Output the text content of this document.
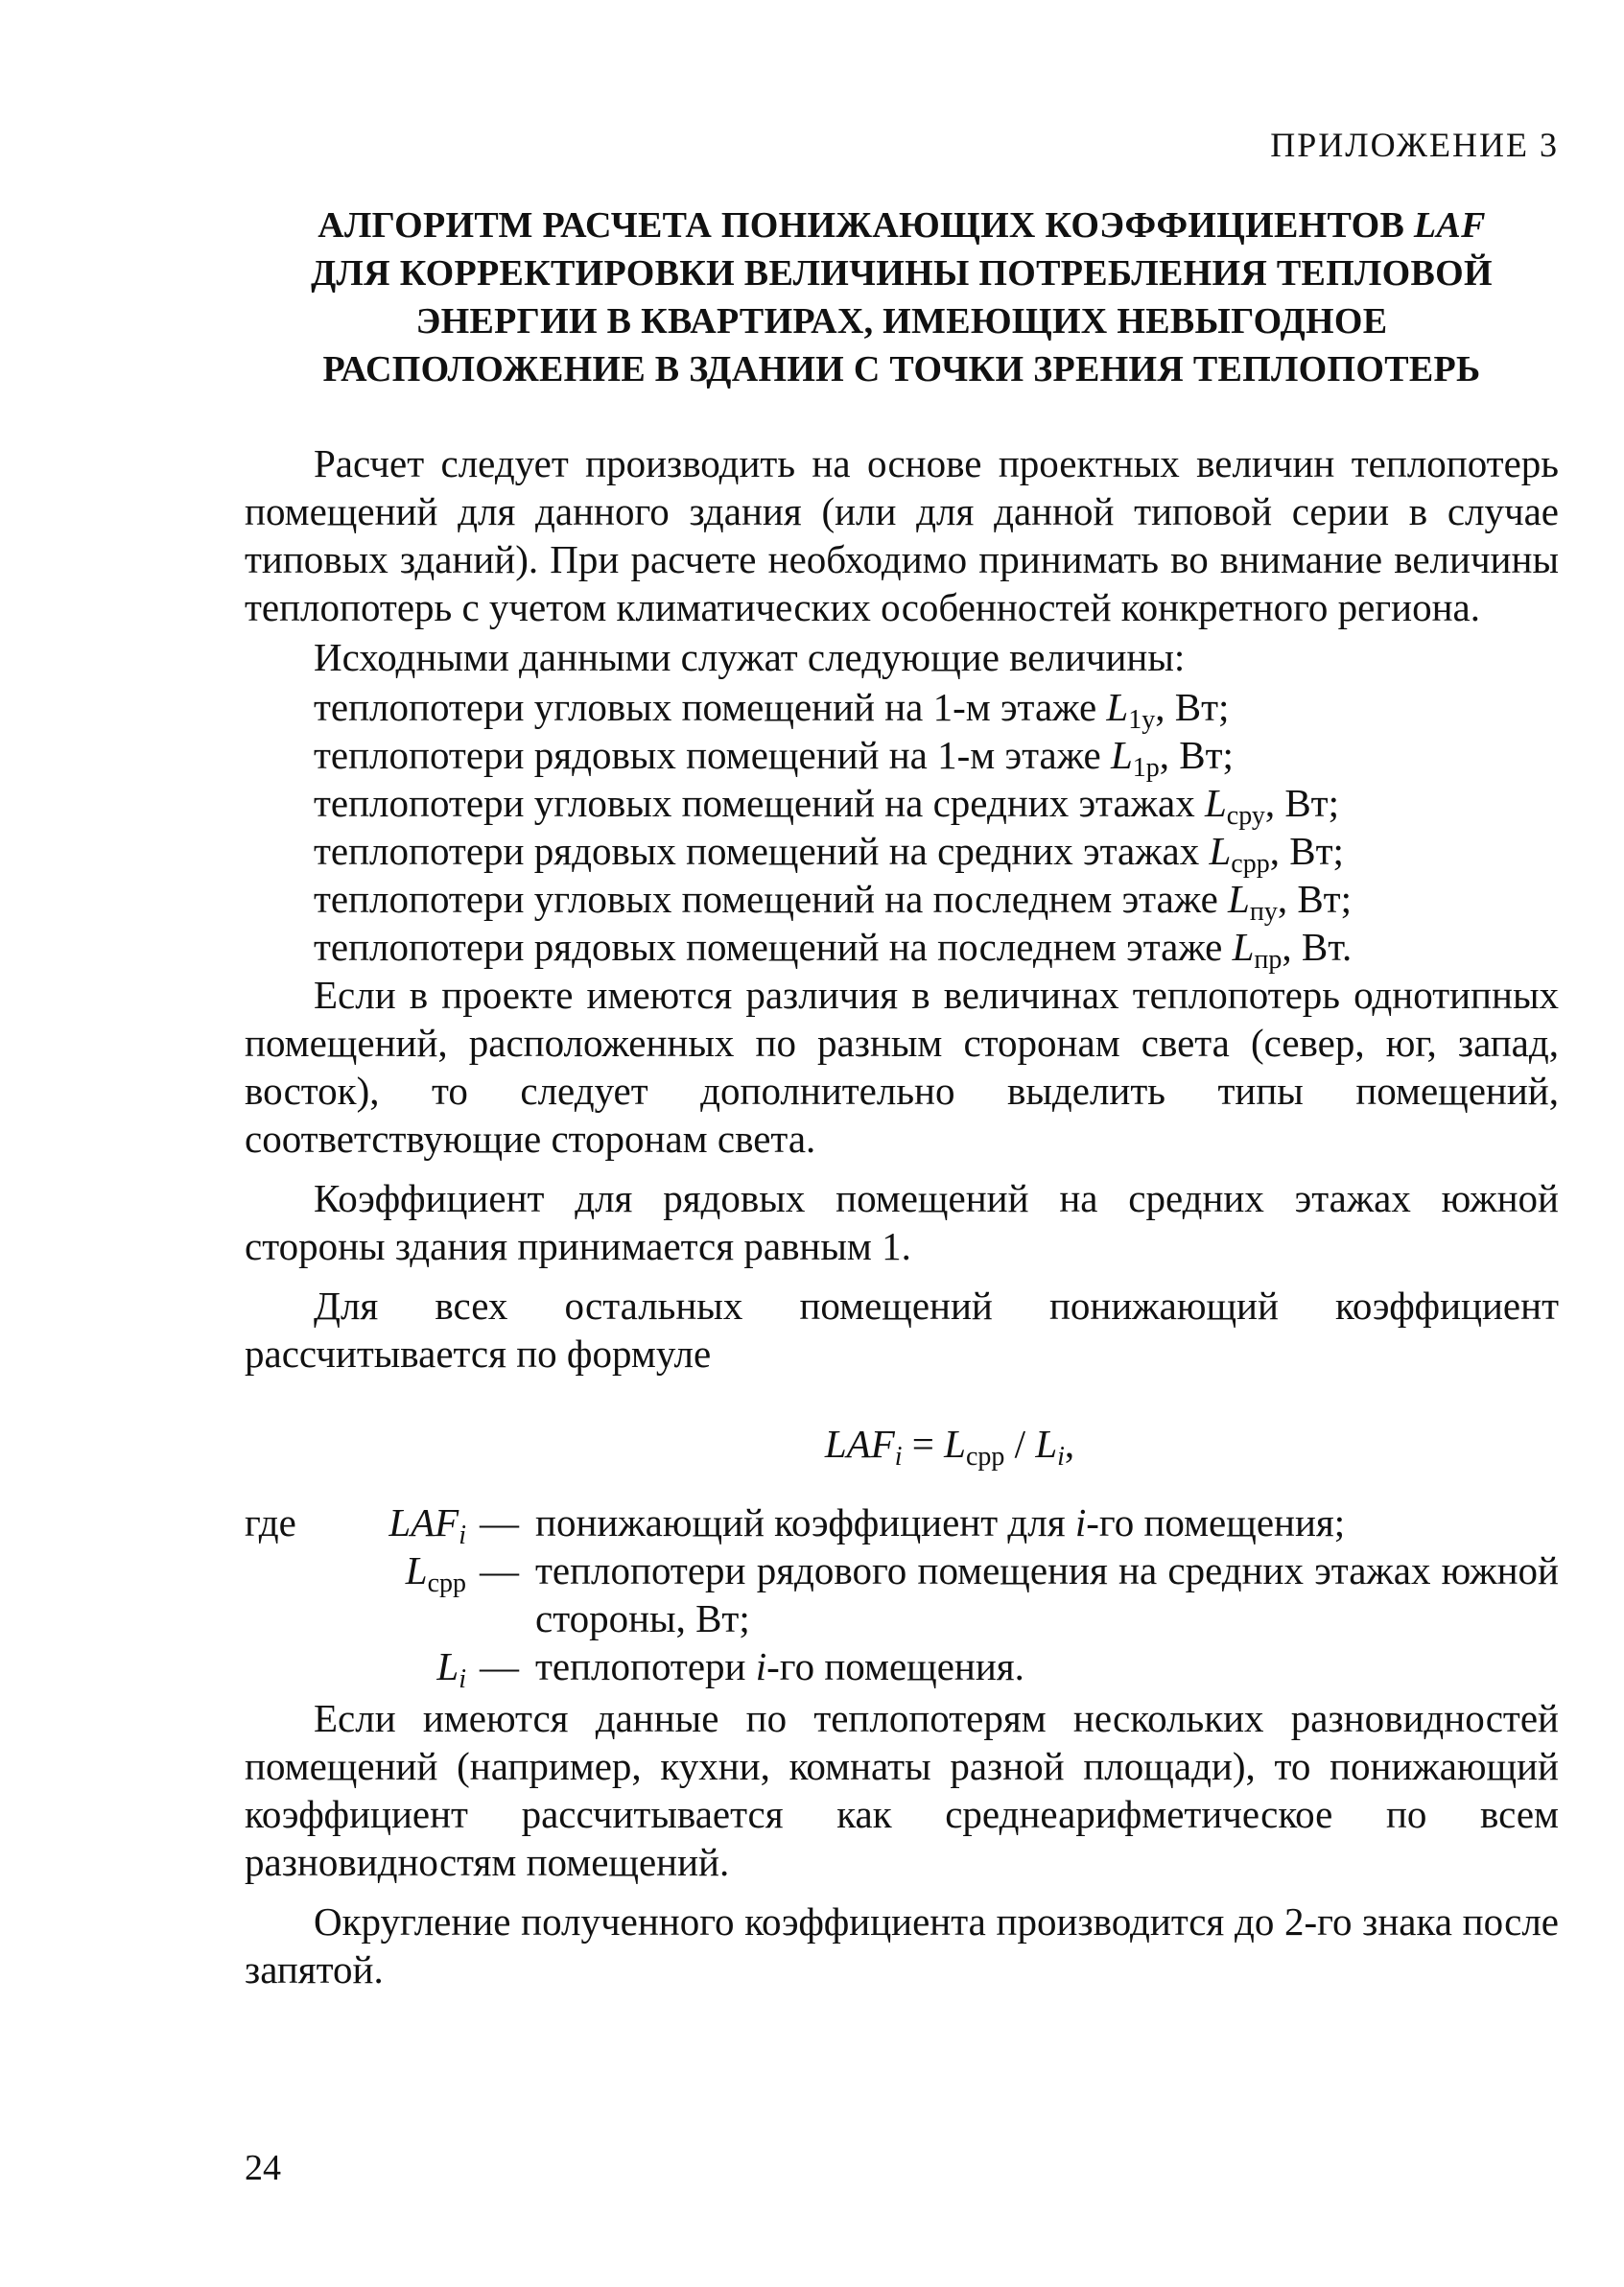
ПРИЛОЖЕНИЕ 3
АЛГОРИТМ РАСЧЕТА ПОНИЖАЮЩИХ КОЭФФИЦИЕНТОВ LAF
ДЛЯ КОРРЕКТИРОВКИ ВЕЛИЧИНЫ ПОТРЕБЛЕНИЯ ТЕПЛОВОЙ
ЭНЕРГИИ В КВАРТИРАХ, ИМЕЮЩИХ НЕВЫГОДНОЕ
РАСПОЛОЖЕНИЕ В ЗДАНИИ С ТОЧКИ ЗРЕНИЯ ТЕПЛОПОТЕРЬ

Расчет следует производить на основе проектных величин теплопотерь помещений для данного здания (или для данной типовой серии в случае типовых зданий). При расчете необходимо принимать во внимание величины теплопотерь с учетом климатических особенностей конкретного региона.

Исходными данными служат следующие величины:

теплопотери угловых помещений на 1-м этаже $L_{1у}$, Вт;
теплопотери рядовых помещений на 1-м этаже $L_{1р}$, Вт;
теплопотери угловых помещений на средних этажах $L_{сру}$, Вт;
теплопотери рядовых помещений на средних этажах $L_{срр}$, Вт;
теплопотери угловых помещений на последнем этаже $L_{пу}$, Вт;
теплопотери рядовых помещений на последнем этаже $L_{пр}$, Вт.

Если в проекте имеются различия в величинах теплопотерь однотипных помещений, расположенных по разным сторонам света (север, юг, запад, восток), то следует дополнительно выделить типы помещений, соответствующие сторонам света.

Коэффициент для рядовых помещений на средних этажах южной стороны здания принимается равным 1.

Для всех остальных помещений понижающий коэффициент рассчитывается по формуле

$LAF_i = L_{срр} / L_i$,
где $LAF_i$ — понижающий коэффициент для i-го помещения;
$L_{срр}$ — теплопотери рядового помещения на средних этажах южной стороны, Вт;
$L_i$ — теплопотери i-го помещения.

Если имеются данные по теплопотерям нескольких разновидностей помещений (например, кухни, комнаты разной площади), то понижающий коэффициент рассчитывается как среднеарифметическое по всем разновидностям помещений.

Округление полученного коэффициента производится до 2-го знака после запятой.

24
